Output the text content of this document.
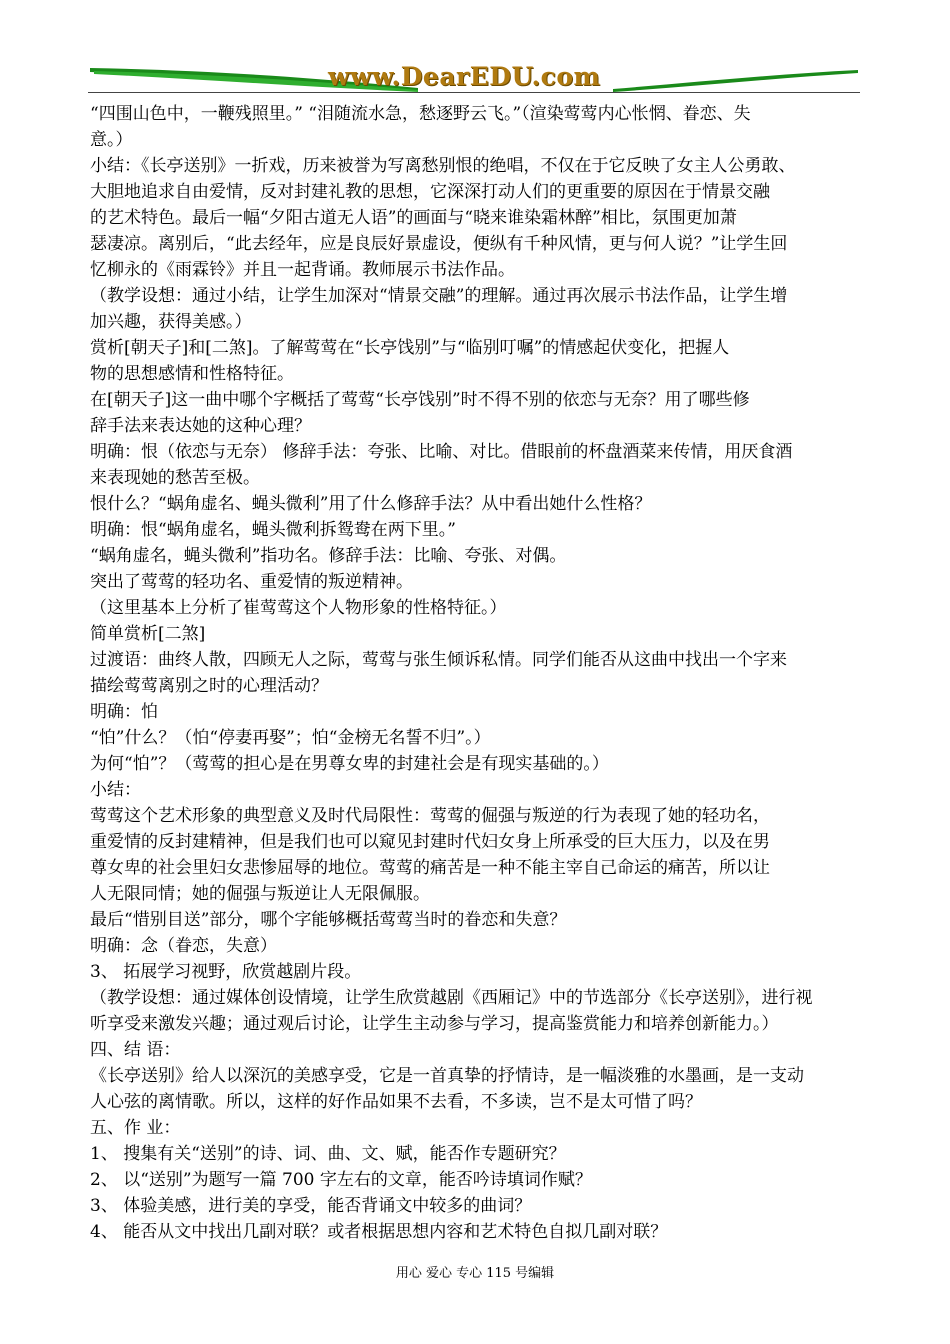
www.DearEDU.com

“四围山色中，一鞭残照里。” “泪随流水急，愁逐野云飞。”（渲染莺莺内心怅惘、眷恋、失

意。）

小结：《长亭送别》一折戏，历来被誉为写离愁别恨的绝唱，不仅在于它反映了女主人公勇敢、

大胆地追求自由爱情，反对封建礼教的思想，它深深打动人们的更重要的原因在于情景交融

的艺术特色。最后一幅“夕阳古道无人语”的画面与“晓来谁染霜林醉”相比，氛围更加萧

瑟凄凉。离别后，“此去经年，应是良辰好景虚设，便纵有千种风情，更与何人说？”让学生回

忆柳永的《雨霖铃》并且一起背诵。教师展示书法作品。

（教学设想：通过小结，让学生加深对“情景交融”的理解。通过再次展示书法作品，让学生增

加兴趣，获得美感。）

赏析[朝天子]和[二煞]。了解莺莺在“长亭饯别”与“临别叮嘱”的情感起伏变化，把握人

物的思想感情和性格特征。

在[朝天子]这一曲中哪个字概括了莺莺“长亭饯别”时不得不别的依恋与无奈？用了哪些修

辞手法来表达她的这种心理？

明确：恨（依恋与无奈） 修辞手法：夸张、比喻、对比。借眼前的杯盘酒菜来传情，用厌食酒

来表现她的愁苦至极。

恨什么？“蜗角虚名、蝇头微利”用了什么修辞手法？从中看出她什么性格？

明确：恨“蜗角虚名，蝇头微利拆鸳鸯在两下里。”

“蜗角虚名，蝇头微利”指功名。修辞手法：比喻、夸张、对偶。

突出了莺莺的轻功名、重爱情的叛逆精神。

（这里基本上分析了崔莺莺这个人物形象的性格特征。）

简单赏析[二煞]

过渡语：曲终人散，四顾无人之际，莺莺与张生倾诉私情。同学们能否从这曲中找出一个字来

描绘莺莺离别之时的心理活动？

明确：怕

“怕”什么？（怕“停妻再娶”；怕“金榜无名誓不归”。）

为何“怕”？（莺莺的担心是在男尊女卑的封建社会是有现实基础的。）

小结：

莺莺这个艺术形象的典型意义及时代局限性：莺莺的倔强与叛逆的行为表现了她的轻功名，

重爱情的反封建精神，但是我们也可以窥见封建时代妇女身上所承受的巨大压力，以及在男

尊女卑的社会里妇女悲惨屈辱的地位。莺莺的痛苦是一种不能主宰自己命运的痛苦，所以让

人无限同情；她的倔强与叛逆让人无限佩服。

最后“惜别目送”部分，哪个字能够概括莺莺当时的眷恋和失意？

明确：念（眷恋，失意）

3、 拓展学习视野，欣赏越剧片段。

（教学设想：通过媒体创设情境，让学生欣赏越剧《西厢记》中的节选部分《长亭送别》，进行视

听享受来激发兴趣；通过观后讨论，让学生主动参与学习，提高鉴赏能力和培养创新能力。）

四、结 语：

《长亭送别》给人以深沉的美感享受，它是一首真挚的抒情诗，是一幅淡雅的水墨画，是一支动

人心弦的离情歌。所以，这样的好作品如果不去看，不多读，岂不是太可惜了吗？

五、作 业：

1、 搜集有关“送别”的诗、词、曲、文、赋，能否作专题研究？

2、 以“送别”为题写一篇 700 字左右的文章，能否吟诗填词作赋？

3、 体验美感，进行美的享受，能否背诵文中较多的曲词？

4、 能否从文中找出几副对联？或者根据思想内容和艺术特色自拟几副对联？

用心 爱心 专心 115 号编辑
